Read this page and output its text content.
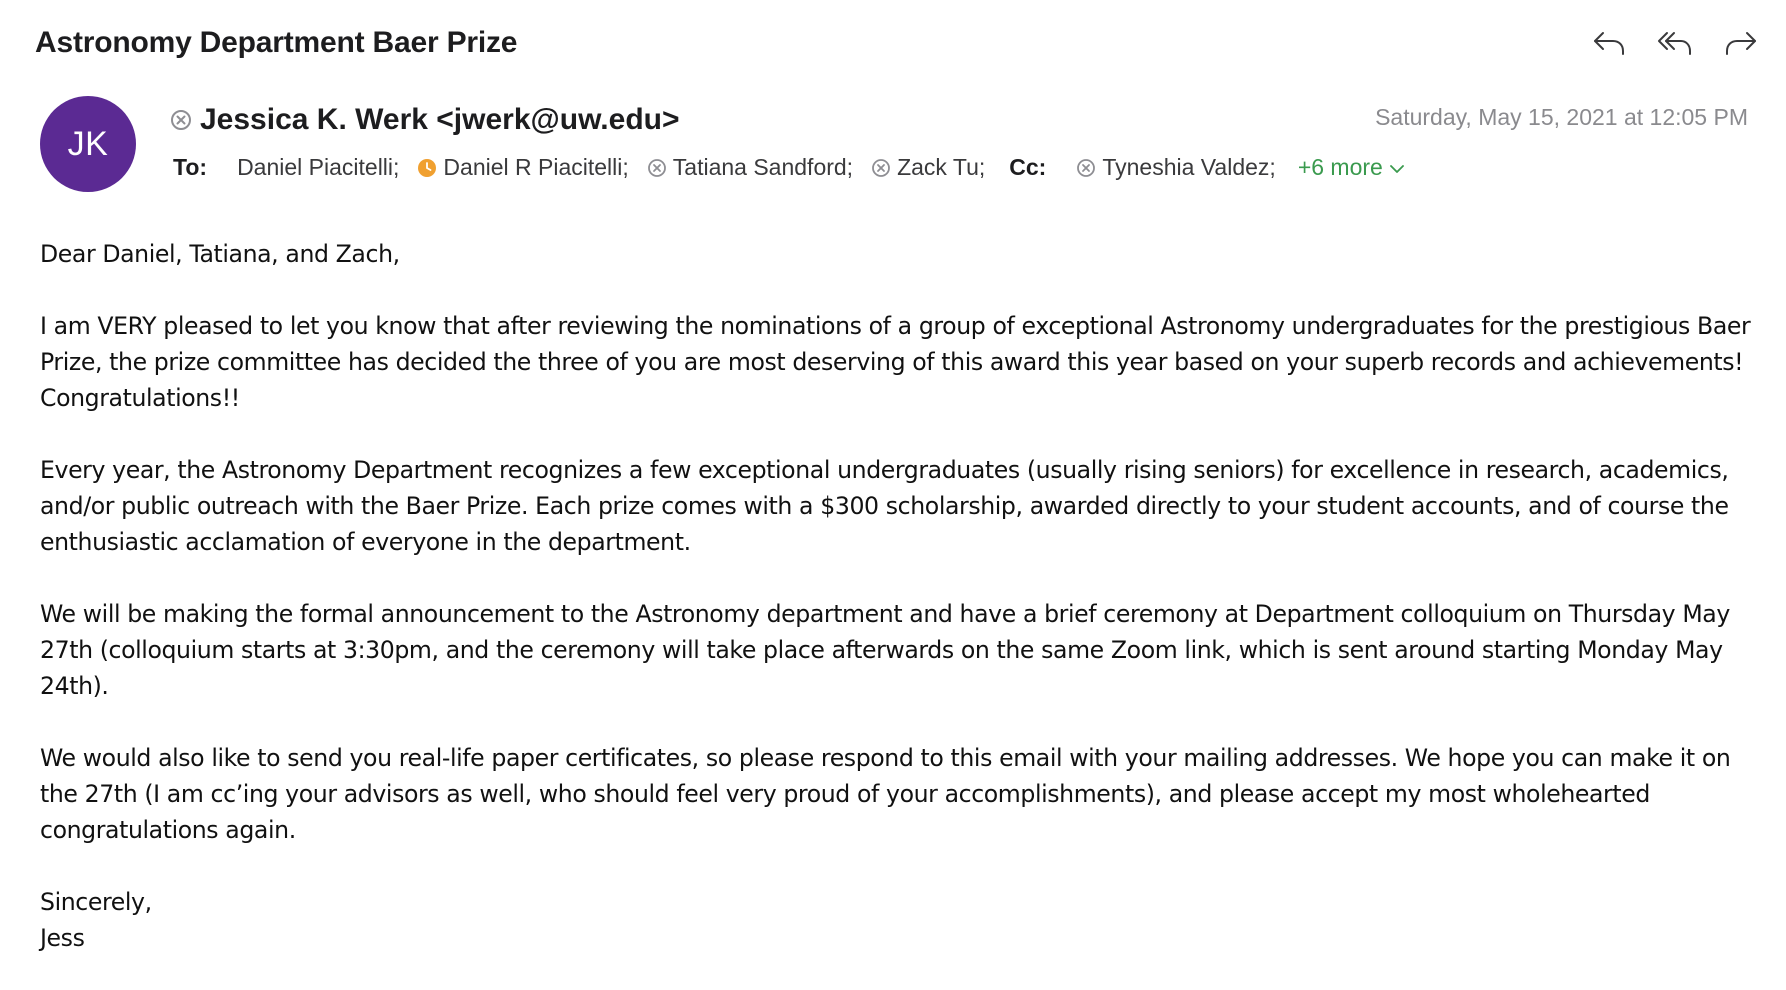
Astronomy Department Baer Prize
JK
Jessica K. Werk <jwerk@uw.edu>	Saturday, May 15, 2021 at 12:05 PM
To: Daniel Piacitelli; Daniel R Piacitelli; Tatiana Sandford; Zack Tu; Cc: Tyneshia Valdez; +6 more

Dear Daniel, Tatiana, and Zach,

I am VERY pleased to let you know that after reviewing the nominations of a group of exceptional Astronomy undergraduates for the prestigious Baer Prize, the prize committee has decided the three of you are most deserving of this award this year based on your superb records and achievements! Congratulations!!

Every year, the Astronomy Department recognizes a few exceptional undergraduates (usually rising seniors) for excellence in research, academics, and/or public outreach with the Baer Prize. Each prize comes with a $300 scholarship, awarded directly to your student accounts, and of course the enthusiastic acclamation of everyone in the department.

We will be making the formal announcement to the Astronomy department and have a brief ceremony at Department colloquium on Thursday May 27th (colloquium starts at 3:30pm, and the ceremony will take place afterwards on the same Zoom link, which is sent around starting Monday May 24th).

We would also like to send you real-life paper certificates, so please respond to this email with your mailing addresses. We hope you can make it on the 27th (I am cc’ing your advisors as well, who should feel very proud of your accomplishments), and please accept my most wholehearted congratulations again.

Sincerely,

Jess
